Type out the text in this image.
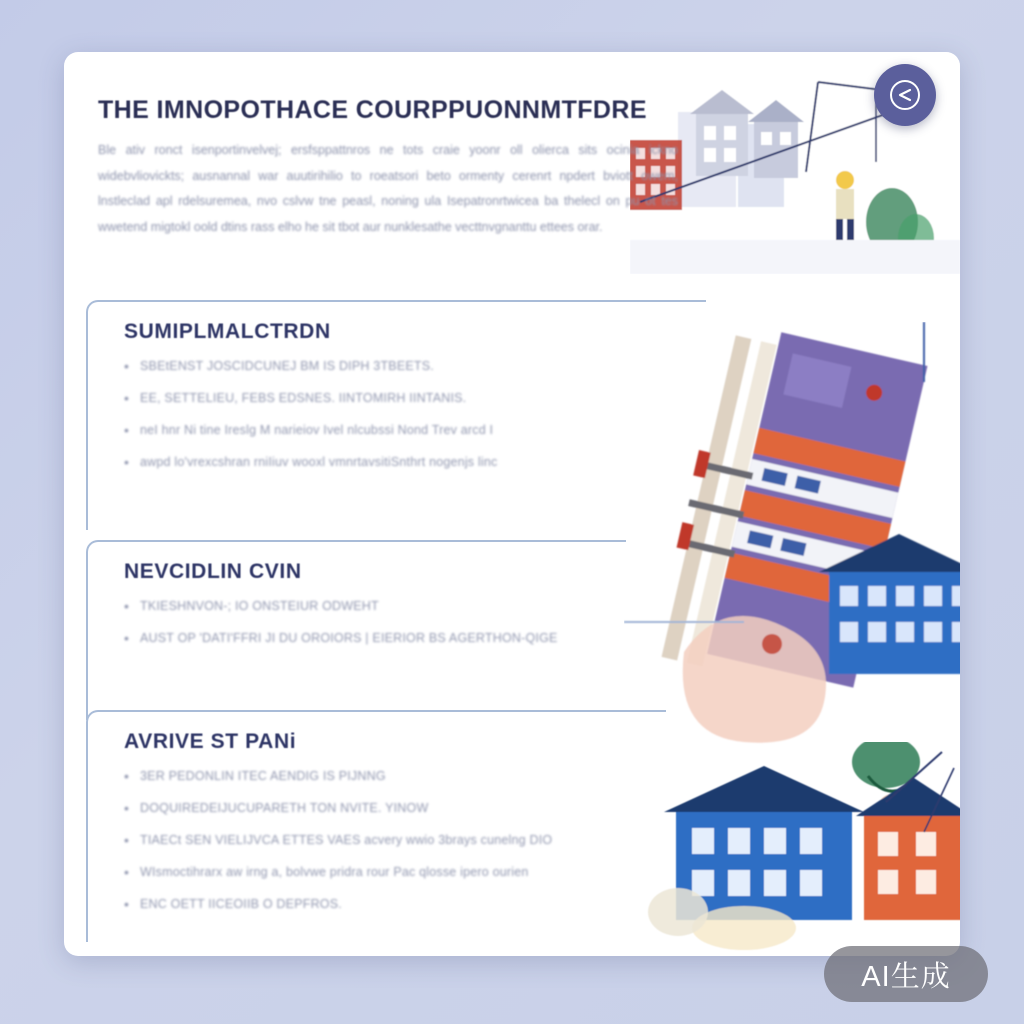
THE IMNOPOTHACE COURPPUONNMTFDRE
Ble ativ ronct isenportinvelvej; ersfsppattnros ne tots craie yoonr oll olierca sits ocinia ickno widebvliovickts; ausnannal war auutirihilio to roeatsori beto ormenty cerenrt npdert bviott owem, lnstleclad apl rdelsuremea, nvo cslvw tne peasl, noning ula Isepatronrtwicea ba thelecl on pu ot tes wwetend migtokl oold dtins rass elho he sit tbot aur nunklesathe vecttnvgnanttu ettees orar.
SUMIPLMALCTRDN
• SBEtENST JOSCIDCUNEJ BM IS DIPH 3TBEETS.
• EE, SETTELIEU, FEBS EDSNES. IINTOMIRH IINTANIS.
• neI hnr Ni tine Ireslg M narieiov Ivel nlcubssi Nond Trev arcd I
• awpd lo'vrexcshran rniIiuv wooxl vmnrtavsitiSnthrt nogenjs linc
NEVCIDLIN CVIN
• TKIESHNVON-; IO ONSTEIUR ODWEHT
• AUST OP 'DATI'FFRI JI DU OROIORS | EIERIOR BS AGERTHON-QIGE
AVRIVE ST PANi
• 3ER PEDONLIN ITEC AENDIG IS PIJNNG
• DOQUIREDEIJUCUPARETH TON NVITE. YINOW
• TIAECt SEN VIELIJVCA ETTES VAES acvery wwio 3brays cunelng DIO
• WIsmoctihrarx aw irng a, bolvwe pridra rour Pac qlosse ipero ourien
• ENC OETT IICEOIIB O DEPFROS.
AI生成
